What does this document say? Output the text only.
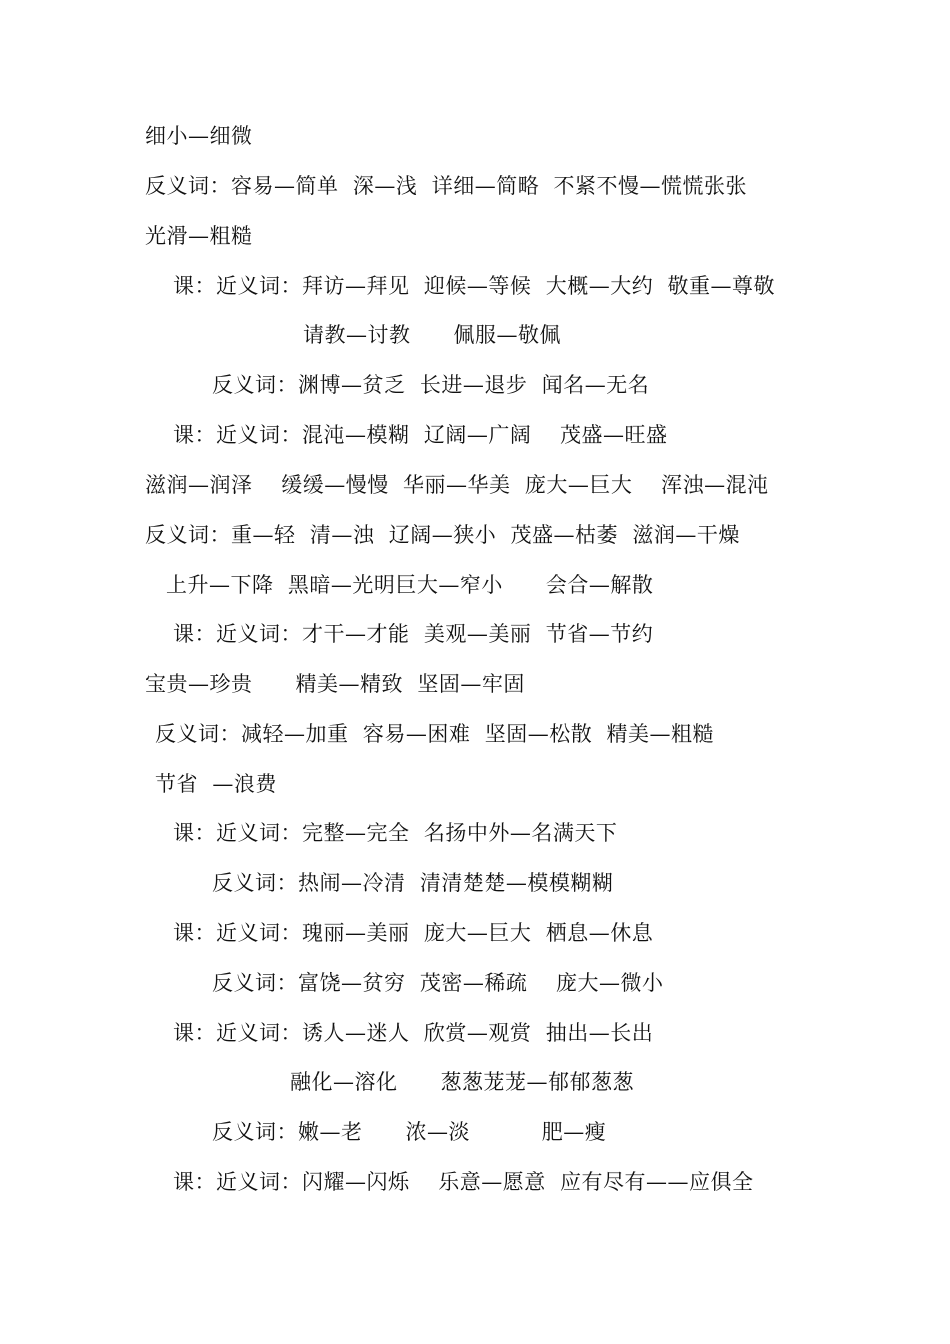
细小—细微
反义词：容易—简单  深—浅  详细—简略  不紧不慢—慌慌张张
光滑—粗糙
课：近义词：拜访—拜见  迎候—等候  大概—大约  敬重—尊敬
请教—讨教      佩服—敬佩
反义词：渊博—贫乏  长进—退步  闻名—无名
课：近义词：混沌—模糊  辽阔—广阔    茂盛—旺盛
滋润—润泽    缓缓—慢慢  华丽—华美  庞大—巨大    浑浊—混沌
反义词：重—轻  清—浊  辽阔—狭小  茂盛—枯萎  滋润—干燥
上升—下降  黑暗—光明巨大—窄小      会合—解散
课：近义词：才干—才能  美观—美丽  节省—节约
宝贵—珍贵      精美—精致  坚固—牢固
反义词：减轻—加重  容易—困难  坚固—松散  精美—粗糙
节省  —浪费
课：近义词：完整—完全  名扬中外—名满天下
反义词：热闹—冷清  清清楚楚—模模糊糊
课：近义词：瑰丽—美丽  庞大—巨大  栖息—休息
反义词：富饶—贫穷  茂密—稀疏    庞大—微小
课：近义词：诱人—迷人  欣赏—观赏  抽出—长出
融化—溶化      葱葱茏茏—郁郁葱葱
反义词：嫩—老      浓—淡          肥—瘦
课：近义词：闪耀—闪烁    乐意—愿意  应有尽有——应俱全
